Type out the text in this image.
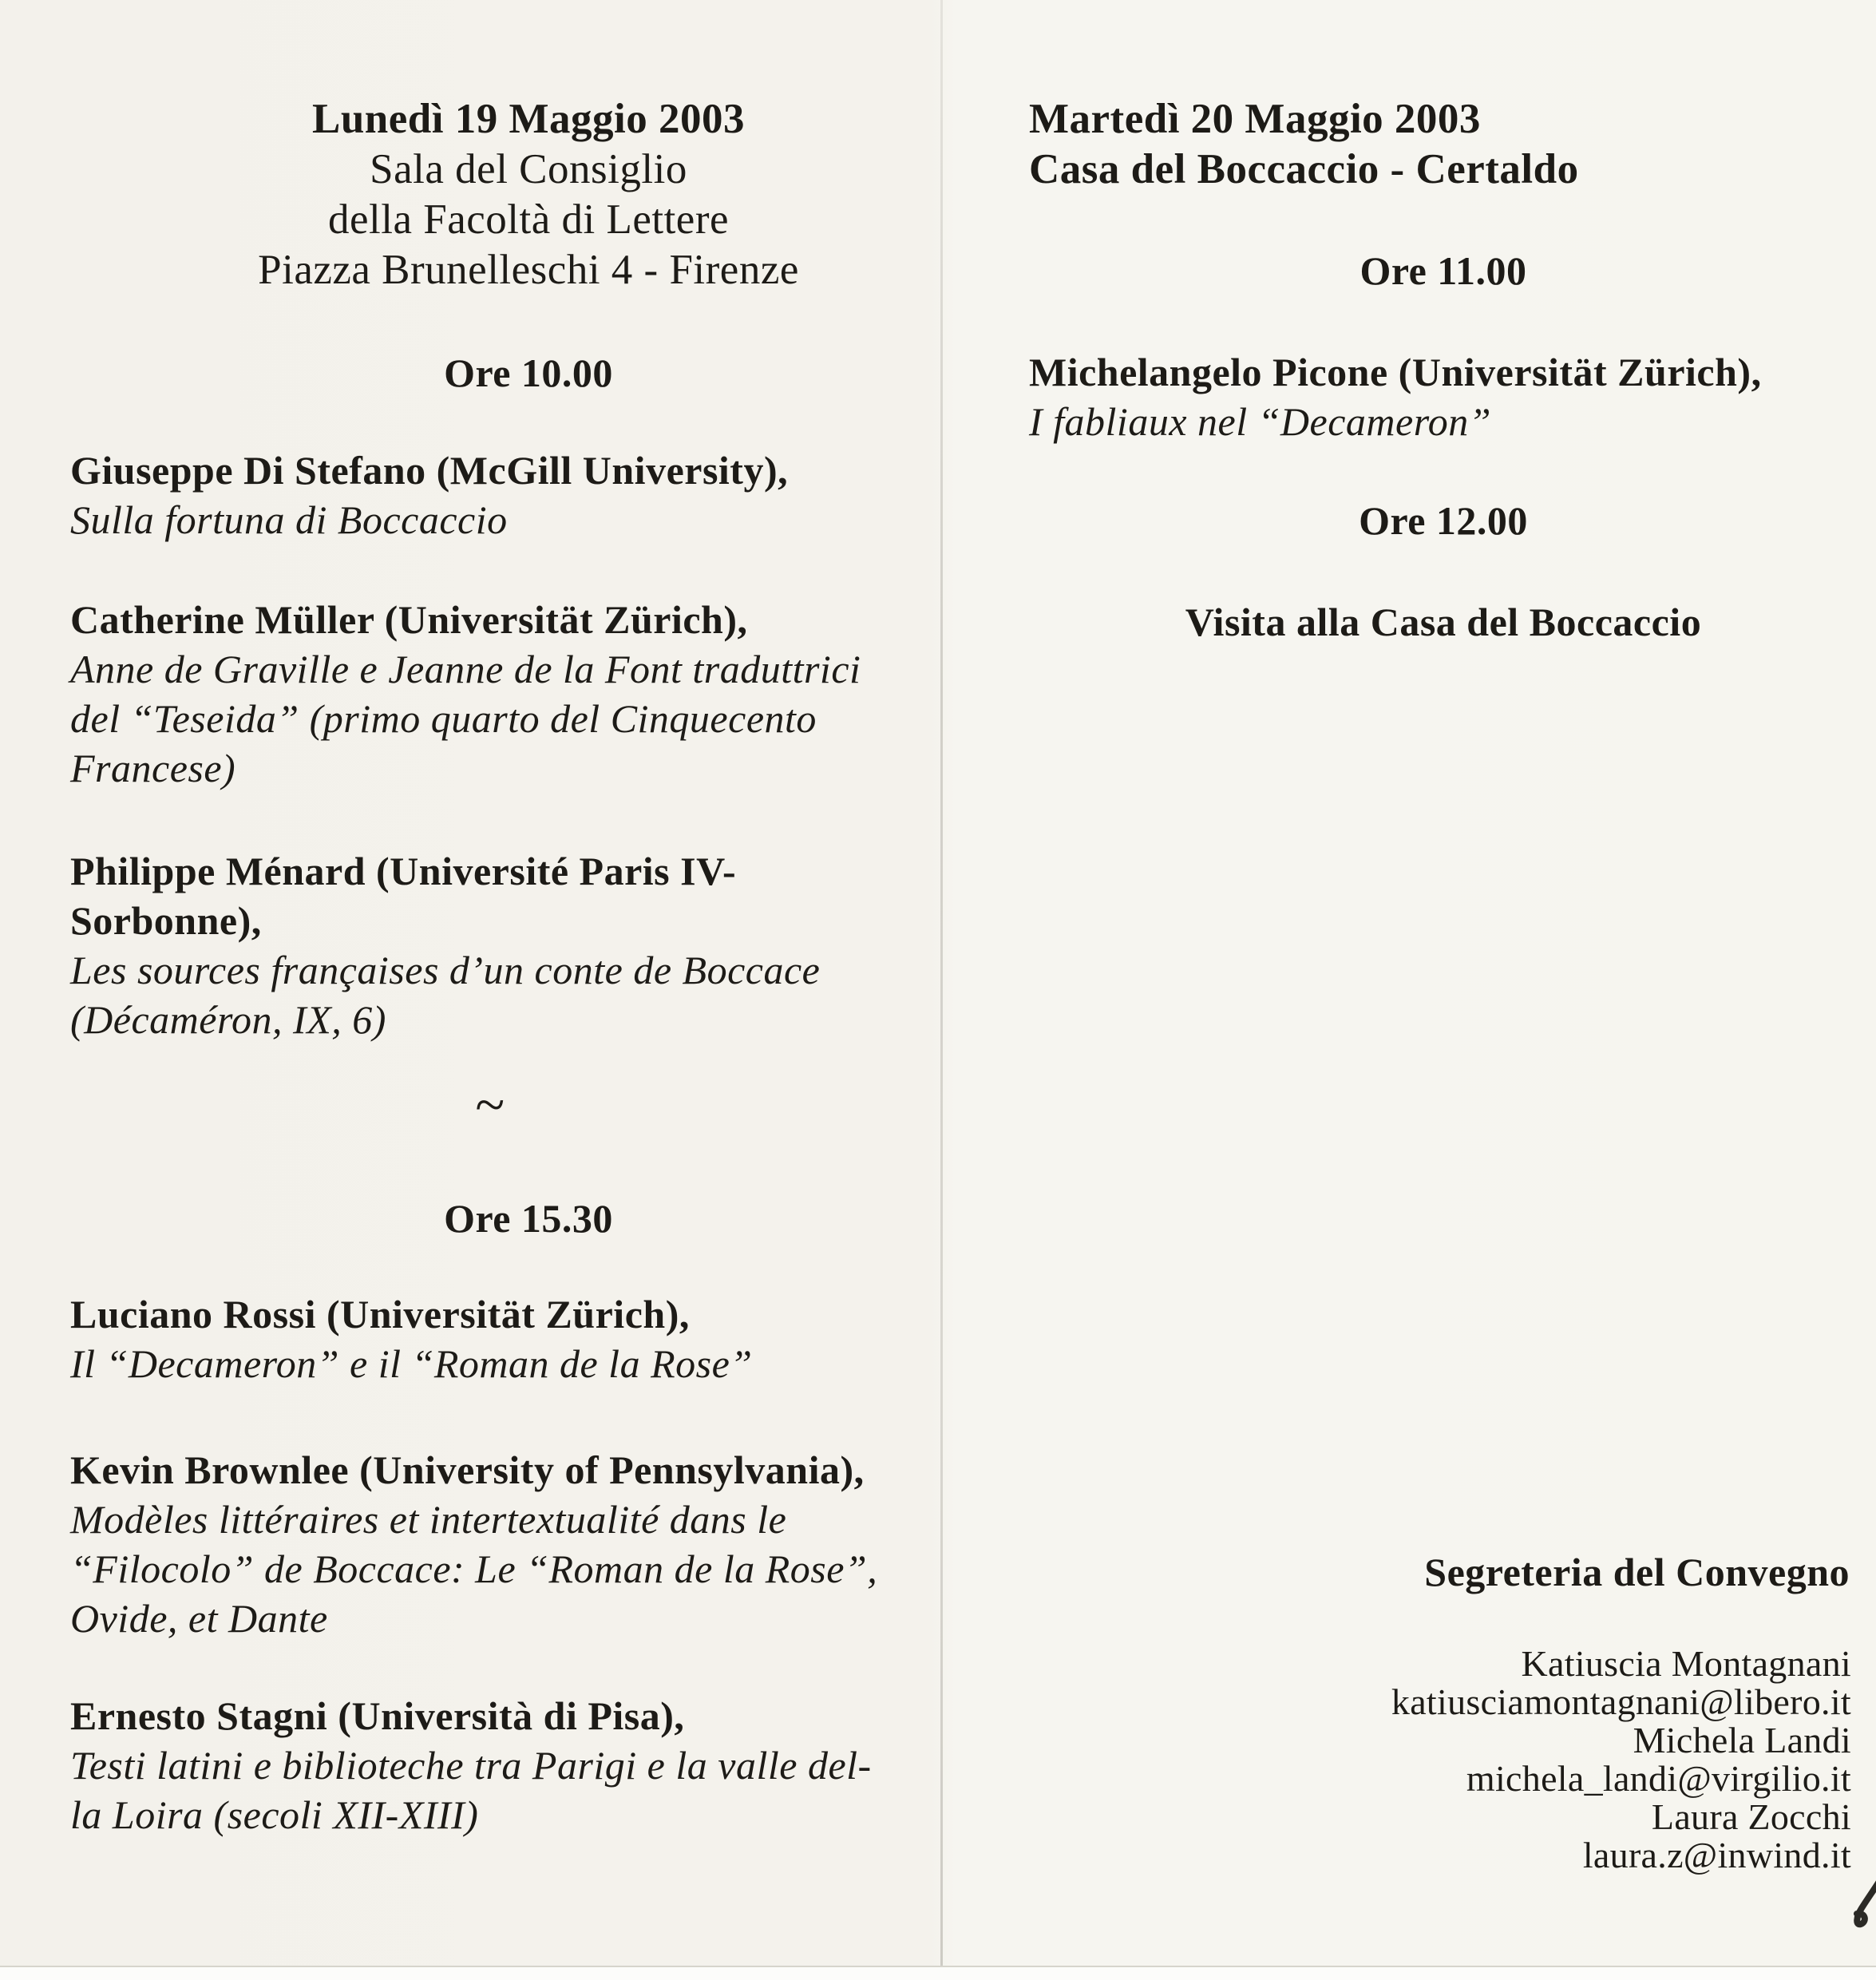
Lunedì 19 Maggio 2003
Sala del Consiglio
della Facoltà di Lettere
Piazza Brunelleschi 4 - Firenze
Ore 10.00
Giuseppe Di Stefano (McGill University),
Sulla fortuna di Boccaccio
Catherine Müller (Universität Zürich),
Anne de Graville e Jeanne de la Font traduttrici
del “Teseida” (primo quarto del Cinquecento
Francese)
Philippe Ménard (Université Paris IV-
Sorbonne),
Les sources françaises d’un conte de Boccace
(Décaméron, IX, 6)
~
Ore 15.30
Luciano Rossi (Universität Zürich),
Il “Decameron” e il “Roman de la Rose”
Kevin Brownlee (University of Pennsylvania),
Modèles littéraires et intertextualité dans le
“Filocolo” de Boccace: Le “Roman de la Rose”,
Ovide, et Dante
Ernesto Stagni (Università di Pisa),
Testi latini e biblioteche tra Parigi e la valle del-
la Loira (secoli XII-XIII)
Martedì 20 Maggio 2003
Casa del Boccaccio - Certaldo
Ore 11.00
Michelangelo Picone (Universität Zürich),
I fabliaux nel “Decameron”
Ore 12.00
Visita alla Casa del Boccaccio
Segreteria del Convegno
Katiuscia Montagnani
katiusciamontagnani@libero.it
Michela Landi
michela_landi@virgilio.it
Laura Zocchi
laura.z@inwind.it
